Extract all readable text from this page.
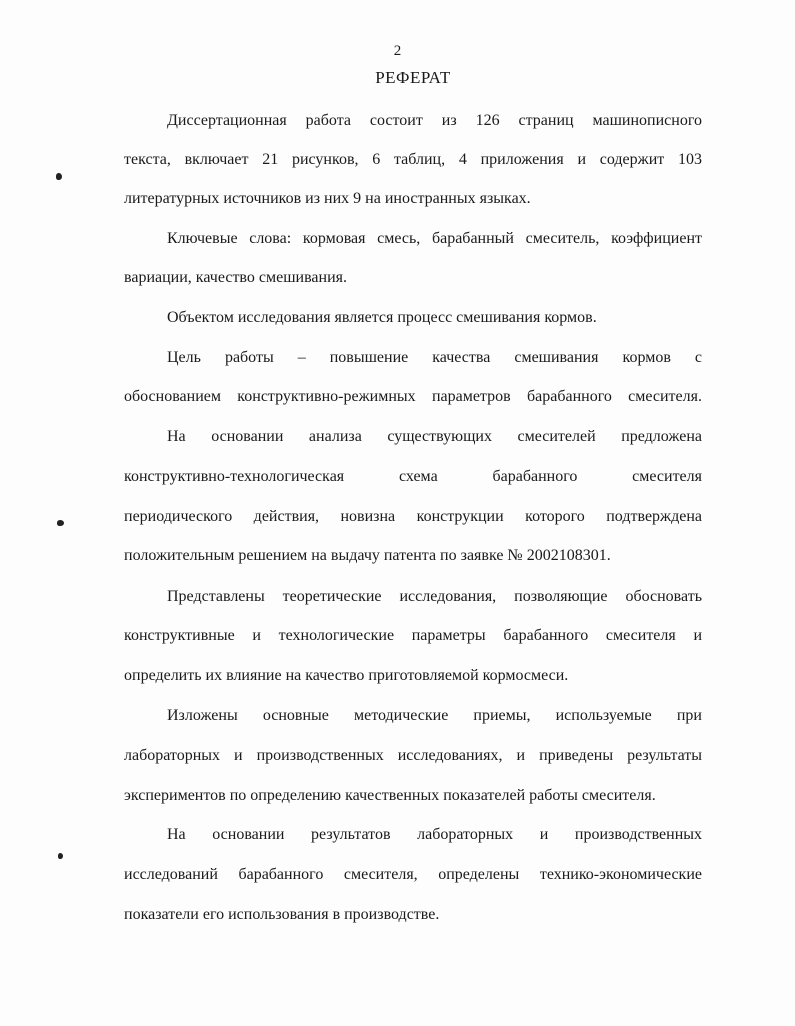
2
РЕФЕРАТ
Диссертационная работа состоит из 126 страниц машинописного
текста, включает 21 рисунков, 6 таблиц, 4 приложения и содержит 103
литературных источников из них 9 на иностранных языках.
Ключевые слова: кормовая смесь, барабанный смеситель, коэффициент
вариации, качество смешивания.
Объектом исследования является процесс смешивания кормов.
Цель работы – повышение качества смешивания кормов с
обоснованием конструктивно-режимных параметров барабанного смесителя.
На основании анализа существующих смесителей предложена
конструктивно-технологическая схема барабанного смесителя
периодического действия, новизна конструкции которого подтверждена
положительным решением на выдачу патента по заявке № 2002108301.
Представлены теоретические исследования, позволяющие обосновать
конструктивные и технологические параметры барабанного смесителя и
определить их влияние на качество приготовляемой кормосмеси.
Изложены основные методические приемы, используемые при
лабораторных и производственных исследованиях, и приведены результаты
экспериментов по определению качественных показателей работы смесителя.
На основании результатов лабораторных и производственных
исследований барабанного смесителя, определены технико-экономические
показатели его использования в производстве.
